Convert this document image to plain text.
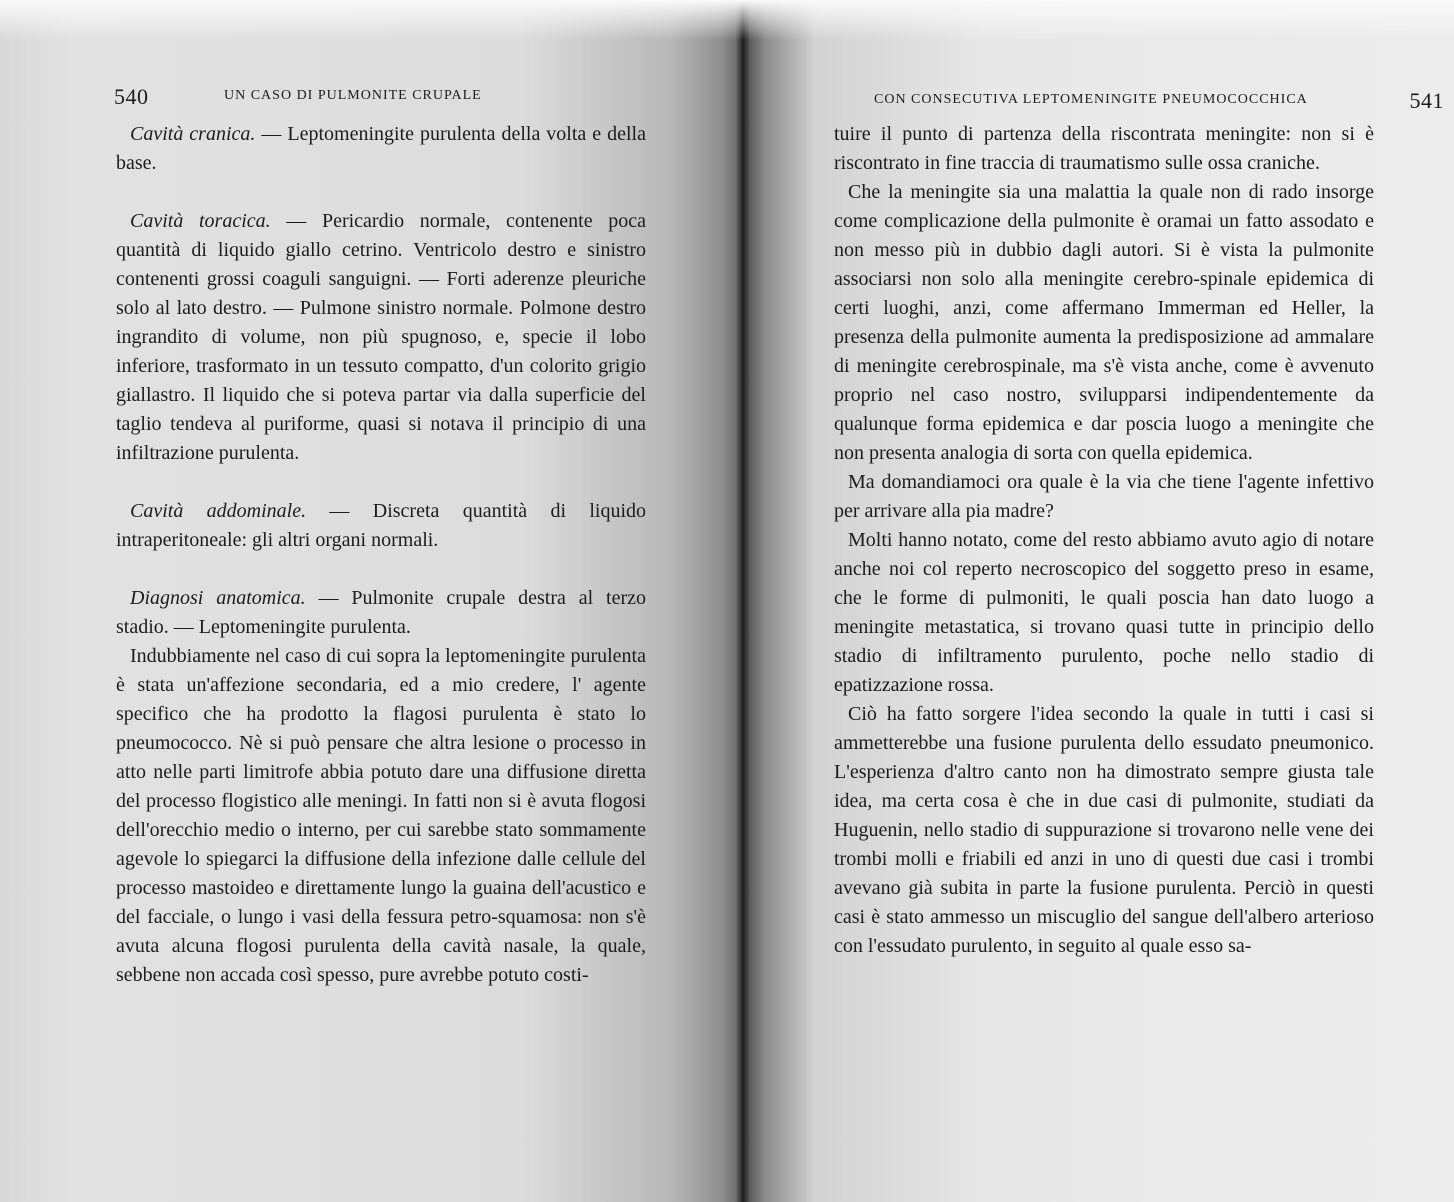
540	UN CASO DI PULMONITE CRUPALE

Cavità cranica. — Leptomeningite purulenta della volta e della base.

Cavità toracica. — Pericardio normale, contenente poca quantità di liquido giallo cetrino. Ventricolo destro e sinistro contenenti grossi coaguli sanguigni. — Forti aderenze pleuriche solo al lato destro. — Pulmone sinistro normale. Polmone destro ingrandito di volume, non più spugnoso, e, specie il lobo inferiore, trasformato in un tessuto compatto, d'un colorito grigio giallastro. Il liquido che si poteva partar via dalla superficie del taglio tendeva al puriforme, quasi si notava il principio di una infiltrazione purulenta.

Cavità addominale. — Discreta quantità di liquido intraperitoneale: gli altri organi normali.

Diagnosi anatomica. — Pulmonite crupale destra al terzo stadio. — Leptomeningite purulenta.

Indubbiamente nel caso di cui sopra la leptomeningite purulenta è stata un'affezione secondaria, ed a mio credere, l' agente specifico che ha prodotto la flagosi purulenta è stato lo pneumococco. Nè si può pensare che altra lesione o processo in atto nelle parti limitrofe abbia potuto dare una diffusione diretta del processo flogistico alle meningi. In fatti non si è avuta flogosi dell'orecchio medio o interno, per cui sarebbe stato sommamente agevole lo spiegarci la diffusione della infezione dalle cellule del processo mastoideo e direttamente lungo la guaina dell'acustico e del facciale, o lungo i vasi della fessura petro-squamosa: non s'è avuta alcuna flogosi purulenta della cavità nasale, la quale, sebbene non accada così spesso, pure avrebbe potuto costi-

CON CONSECUTIVA LEPTOMENINGITE PNEUMOCOCCHICA	541

tuire il punto di partenza della riscontrata meningite: non si è riscontrato in fine traccia di traumatismo sulle ossa craniche.

Che la meningite sia una malattia la quale non di rado insorge come complicazione della pulmonite è oramai un fatto assodato e non messo più in dubbio dagli autori. Si è vista la pulmonite associarsi non solo alla meningite cerebro-spinale epidemica di certi luoghi, anzi, come affermano Immerman ed Heller, la presenza della pulmonite aumenta la predisposizione ad ammalare di meningite cerebrospinale, ma s'è vista anche, come è avvenuto proprio nel caso nostro, svilupparsi indipendentemente da qualunque forma epidemica e dar poscia luogo a meningite che non presenta analogia di sorta con quella epidemica.

Ma domandiamoci ora quale è la via che tiene l'agente infettivo per arrivare alla pia madre?

Molti hanno notato, come del resto abbiamo avuto agio di notare anche noi col reperto necroscopico del soggetto preso in esame, che le forme di pulmoniti, le quali poscia han dato luogo a meningite metastatica, si trovano quasi tutte in principio dello stadio di infiltramento purulento, poche nello stadio di epatizzazione rossa.

Ciò ha fatto sorgere l'idea secondo la quale in tutti i casi si ammetterebbe una fusione purulenta dello essudato pneumonico. L'esperienza d'altro canto non ha dimostrato sempre giusta tale idea, ma certa cosa è che in due casi di pulmonite, studiati da Huguenin, nello stadio di suppurazione si trovarono nelle vene dei trombi molli e friabili ed anzi in uno di questi due casi i trombi avevano già subita in parte la fusione purulenta. Perciò in questi casi è stato ammesso un miscuglio del sangue dell'albero arterioso con l'essudato purulento, in seguito al quale esso sa-
